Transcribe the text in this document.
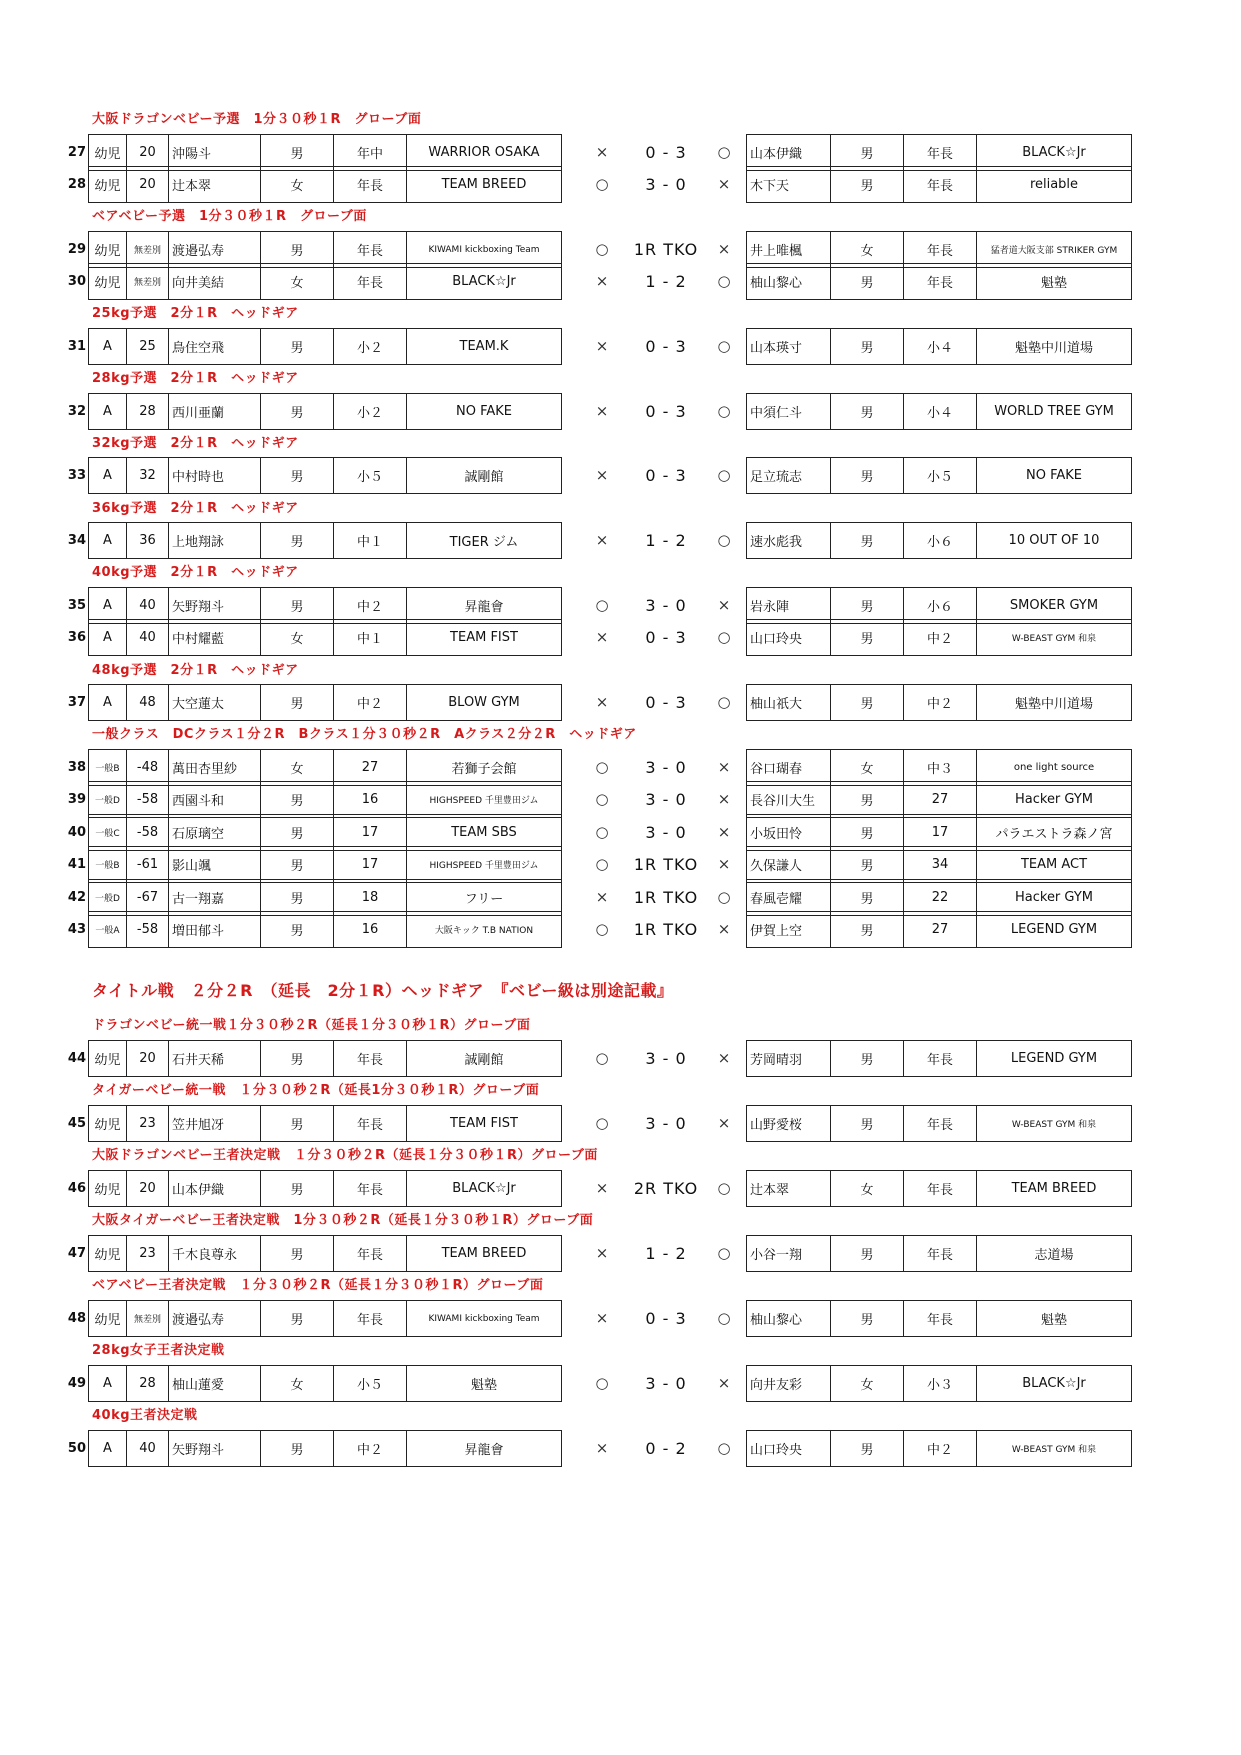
大阪ドラゴンベビー予選　1分３０秒１R　グローブ面
ベアベビー予選　1分３０秒１R　グローブ面
25kg予選　2分１R　ヘッドギア
28kg予選　2分１R　ヘッドギア
32kg予選　2分１R　ヘッドギア
36kg予選　2分１R　ヘッドギア
40kg予選　2分１R　ヘッドギア
48kg予選　2分１R　ヘッドギア
一般クラス　DCクラス１分２R　Bクラス１分３０秒２R　Aクラス２分２R　ヘッドギア
タイトル戦　２分２R　（延長　2分１R）ヘッドギア　『ベビー級は別途記載』
ドラゴンベビー統一戦１分３０秒２R（延長１分３０秒１R）グローブ面
タイガーベビー統一戦　１分３０秒２R（延長1分３０秒１R）グローブ面
大阪ドラゴンベビー王者決定戦　１分３０秒２R（延長１分３０秒１R）グローブ面
大阪タイガーベビー王者決定戦　1分３０秒２R（延長１分３０秒１R）グローブ面
ベアベビー王者決定戦　１分３０秒２R（延長１分３０秒１R）グローブ面
28kg女子王者決定戦
40kg王者決定戦
27 幼児	20	沖陽斗	男	年中	WARRIOR OSAKA	×	0 - 3	○	山本伊織	男	年長	BLACK☆Jr
28 幼児	20	辻本翠	女	年長	TEAM BREED	○	3 - 0	×	木下天	男	年長	reliable
29 幼児	無差別	渡邉弘寿	男	年長	KIWAMI kickboxing Team	○	1R TKO	×	井上唯楓	女	年長	猛者道大阪支部 STRIKER GYM
30 幼児	無差別	向井美結	女	年長	BLACK☆Jr	×	1 - 2	○	柚山黎心	男	年長	魁塾
31 A	25	鳥住空飛	男	小２	TEAM.K	×	0 - 3	○	山本瑛寸	男	小４	魁塾中川道場
32 A	28	西川亜蘭	男	小２	NO FAKE	×	0 - 3	○	中須仁斗	男	小４	WORLD TREE GYM
33 A	32	中村時也	男	小５	誠剛館	×	0 - 3	○	足立琉志	男	小５	NO FAKE
34 A	36	上地翔詠	男	中１	TIGER ジム	×	1 - 2	○	速水彪我	男	小６	10 OUT OF 10
35 A	40	矢野翔斗	男	中２	昇龍會	○	3 - 0	×	岩永陣	男	小６	SMOKER GYM
36 A	40	中村耀藍	女	中１	TEAM FIST	×	0 - 3	○	山口玲央	男	中２	W-BEAST GYM 和泉
37 A	48	大空蓮太	男	中２	BLOW GYM	×	0 - 3	○	柚山祇大	男	中２	魁塾中川道場
38 一般B	-48	萬田杏里紗	女	27	若獅子会館	○	3 - 0	×	谷口瑚春	女	中３	one light source
39 一般D	-58	西園斗和	男	16	HIGHSPEED 千里豊田ジム	○	3 - 0	×	長谷川大生	男	27	Hacker GYM
40 一般C	-58	石原璃空	男	17	TEAM SBS	○	3 - 0	×	小坂田怜	男	17	パラエストラ森ノ宮
41 一般B	-61	影山颯	男	17	HIGHSPEED 千里豊田ジム	○	1R TKO	×	久保謙人	男	34	TEAM ACT
42 一般D	-67	古一翔嘉	男	18	フリー	×	1R TKO	○	春風壱耀	男	22	Hacker GYM
43 一般A	-58	増田郁斗	男	16	大阪キック T.B NATION	○	1R TKO	×	伊賀上空	男	27	LEGEND GYM
44 幼児	20	石井天稀	男	年長	誠剛館	○	3 - 0	×	芳岡晴羽	男	年長	LEGEND GYM
45 幼児	23	笠井旭冴	男	年長	TEAM FIST	○	3 - 0	×	山野愛桜	男	年長	W-BEAST GYM 和泉
46 幼児	20	山本伊織	男	年長	BLACK☆Jr	×	2R TKO	○	辻本翠	女	年長	TEAM BREED
47 幼児	23	千木良尊永	男	年長	TEAM BREED	×	1 - 2	○	小谷一翔	男	年長	志道場
48 幼児	無差別	渡邉弘寿	男	年長	KIWAMI kickboxing Team	×	0 - 3	○	柚山黎心	男	年長	魁塾
49 A	28	柚山蓮愛	女	小５	魁塾	○	3 - 0	×	向井友彩	女	小３	BLACK☆Jr
50 A	40	矢野翔斗	男	中２	昇龍會	×	0 - 2	○	山口玲央	男	中２	W-BEAST GYM 和泉
